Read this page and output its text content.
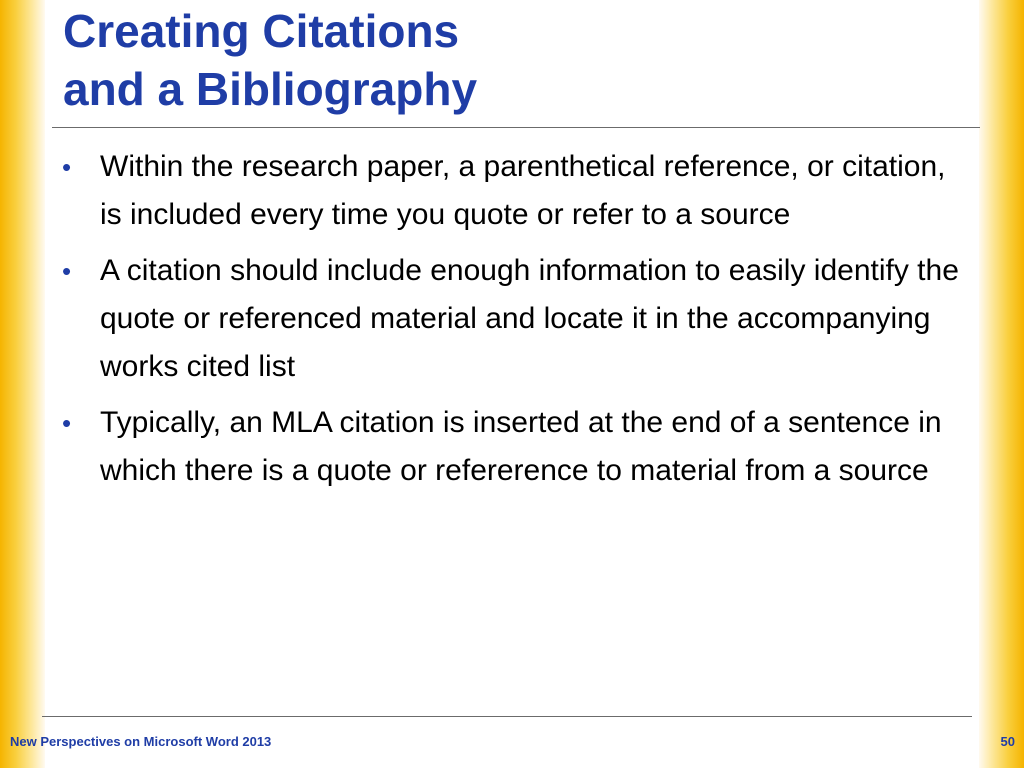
Creating Citations
and a Bibliography
• Within the research paper, a parenthetical reference, or citation, is included every time you quote or refer to a source
• A citation should include enough information to easily identify the quote or referenced material and locate it in the accompanying works cited list
• Typically, an MLA citation is inserted at the end of a sentence in which there is a quote or refererence to material from a source
New Perspectives on Microsoft Word 2013	50
